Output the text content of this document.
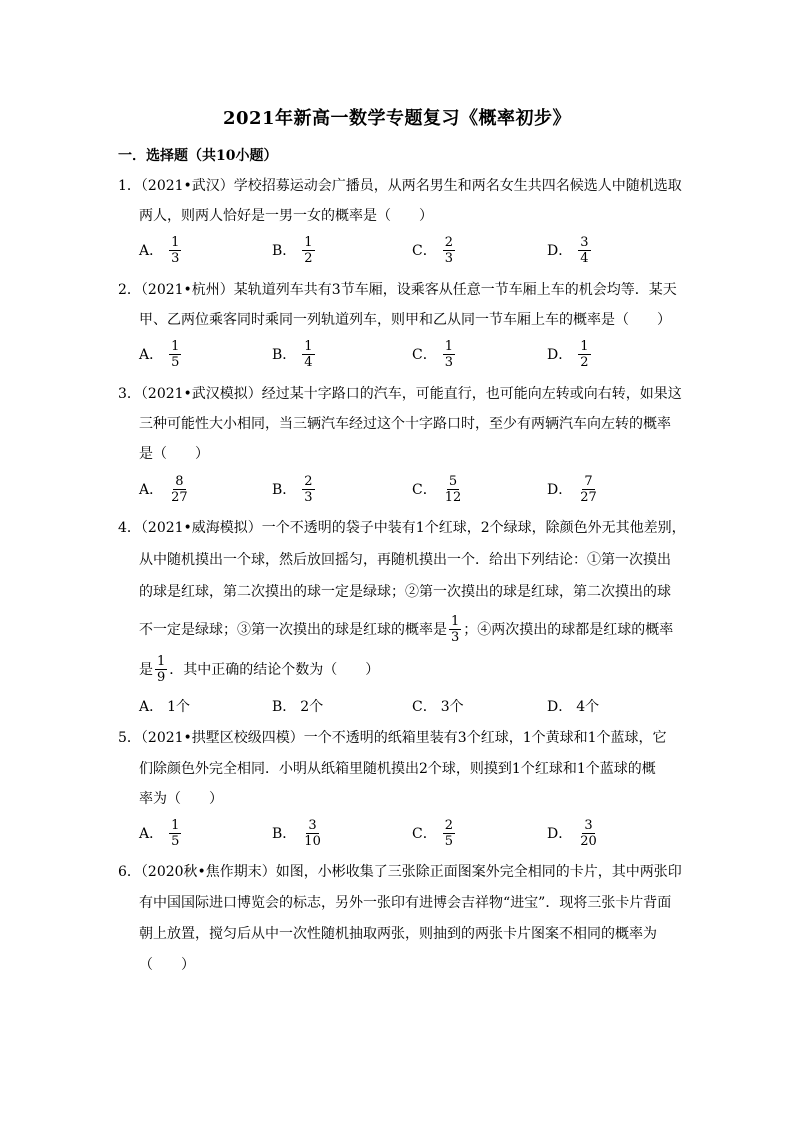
2021年新高一数学专题复习《概率初步》
一．选择题（共10小题）
1．（2021•武汉）学校招募运动会广播员，从两名男生和两名女生共四名候选人中随机选取
两人，则两人恰好是一男一女的概率是（　　）
A． $\frac{1}{3}$	B． $\frac{1}{2}$	C． $\frac{2}{3}$	D． $\frac{3}{4}$
2．（2021•杭州）某轨道列车共有3节车厢，设乘客从任意一节车厢上车的机会均等．某天
甲、乙两位乘客同时乘同一列轨道列车，则甲和乙从同一节车厢上车的概率是（　　）
A． $\frac{1}{5}$	B． $\frac{1}{4}$	C． $\frac{1}{3}$	D． $\frac{1}{2}$
3．（2021•武汉模拟）经过某十字路口的汽车，可能直行，也可能向左转或向右转，如果这
三种可能性大小相同，当三辆汽车经过这个十字路口时，至少有两辆汽车向左转的概率
是（　　）
A． $\frac{8}{27}$	B． $\frac{2}{3}$	C． $\frac{5}{12}$	D． $\frac{7}{27}$
4．（2021•威海模拟）一个不透明的袋子中装有1个红球，2个绿球，除颜色外无其他差别，
从中随机摸出一个球，然后放回摇匀，再随机摸出一个．给出下列结论：①第一次摸出
的球是红球，第二次摸出的球一定是绿球；②第一次摸出的球是红球，第二次摸出的球
不一定是绿球；③第一次摸出的球是红球的概率是 $\frac{1}{3}$ ；④两次摸出的球都是红球的概率
是 $\frac{1}{9}$ ．其中正确的结论个数为（　　）
A． 1个	B． 2个	C． 3个	D． 4个
5．（2021•拱墅区校级四模）一个不透明的纸箱里装有3个红球，1个黄球和1个蓝球，它
们除颜色外完全相同．小明从纸箱里随机摸出2个球，则摸到1个红球和1个蓝球的概
率为（　　）
A． $\frac{1}{5}$	B． $\frac{3}{10}$	C． $\frac{2}{5}$	D． $\frac{3}{20}$
6．（2020秋•焦作期末）如图，小彬收集了三张除正面图案外完全相同的卡片，其中两张印
有中国国际进口博览会的标志，另外一张印有进博会吉祥物“进宝”．现将三张卡片背面
朝上放置，搅匀后从中一次性随机抽取两张，则抽到的两张卡片图案不相同的概率为
（　　）
